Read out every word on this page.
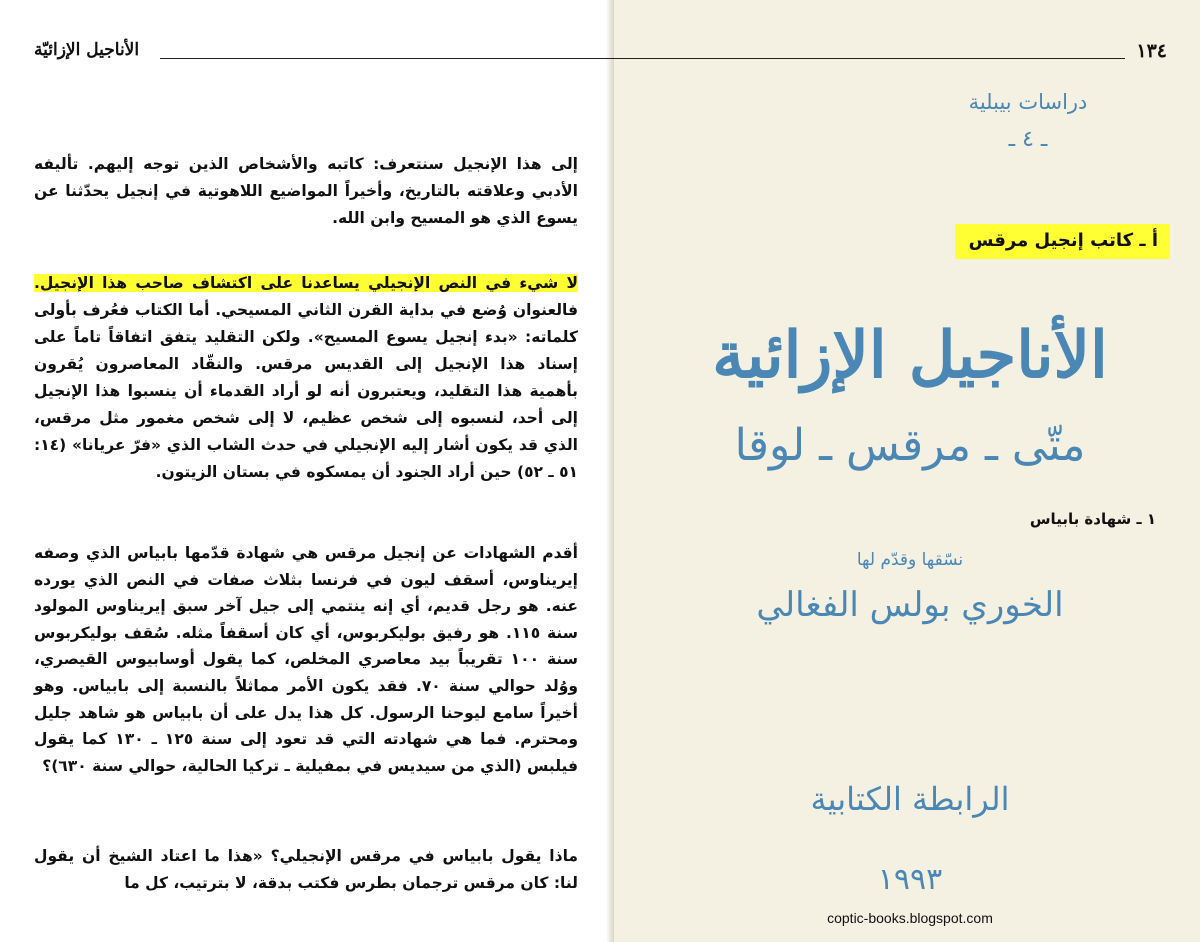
١٣٤
الأناجيل الإزائيّة
إلى هذا الإنجيل سنتعرف: كاتبه والأشخاص الذين توجه إليهم. تأليفه الأدبي وعلاقته بالتاريخ، وأخيراً المواضيع اللاهوتية في إنجيل يحدّثنا عن يسوع الذي هو المسيح وابن الله.
أ ـ كاتب إنجيل مرقس
لا شيء في النص الإنجيلي يساعدنا على اكتشاف صاحب هذا الإنجيل. فالعنوان وُضع في بداية القرن الثاني المسيحي. أما الكتاب فعُرف بأولى كلماته: «بدء إنجيل يسوع المسيح». ولكن التقليد يتفق اتفاقاً تاماً على إسناد هذا الإنجيل إلى القديس مرقس. والنقّاد المعاصرون يُقرون بأهمية هذا التقليد، ويعتبرون أنه لو أراد القدماء أن ينسبوا هذا الإنجيل إلى أحد، لنسبوه إلى شخص عظيم، لا إلى شخص مغمور مثل مرقس، الذي قد يكون أشار إليه الإنجيلي في حدث الشاب الذي «فرّ عريانا» (١٤: ٥١ ـ ٥٢) حين أراد الجنود أن يمسكوه في بستان الزيتون.
١ ـ شهادة بابياس
أقدم الشهادات عن إنجيل مرقس هي شهادة قدّمها بابياس الذي وصفه إيريناوس، أسقف ليون في فرنسا بثلاث صفات في النص الذي يورده عنه. هو رجل قديم، أي إنه ينتمي إلى جيل آخر سبق إيريناوس المولود سنة ١١٥. هو رفيق بوليكربوس، أي كان أسقفاً مثله. سُقف بوليكربوس سنة ١٠٠ تقريباً بيد معاصري المخلص، كما يقول أوسابيوس القيصري، ووُلد حوالي سنة ٧٠. فقد يكون الأمر مماثلاً بالنسبة إلى بابياس. وهو أخيراً سامع ليوحنا الرسول. كل هذا يدل على أن بابياس هو شاهد جليل ومحترم. فما هي شهادته التي قد تعود إلى سنة ١٢٥ ـ ١٣٠ كما يقول فيلبس (الذي من سيديس في بمفيلية ـ تركيا الحالية، حوالي سنة ٦٣٠)؟
ماذا يقول بابياس في مرقس الإنجيلي؟ «هذا ما اعتاد الشيخ أن يقول لنا: كان مرقس ترجمان بطرس فكتب بدقة، لا بترتيب، كل ما
دراسات بيبلية
ـ ٤ ـ
الأناجيل الإزائية
متّى ـ مرقس ـ لوقا
نسّقها وقدّم لها
الخوري بولس الفغالي
الرابطة الكتابية
١٩٩٣
coptic-books.blogspot.com
